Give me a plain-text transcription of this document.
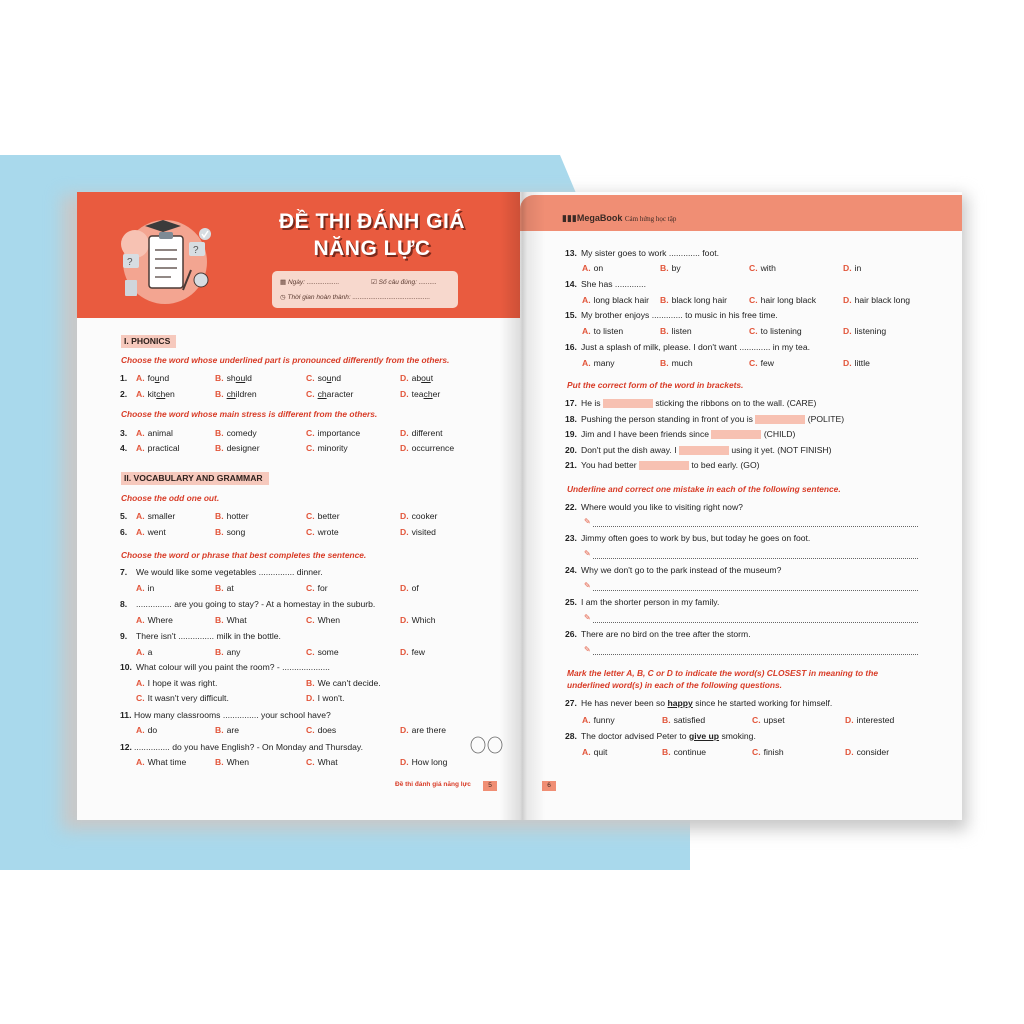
?
?
ĐỀ THI ĐÁNH GIÁ
NĂNG LỰC
▦ Ngày: ..................	☑ Số câu đúng: ..........
◷ Thời gian hoàn thành: ...........................................
I. PHONICS
Choose the word whose underlined part is pronounced differently from the others.
1. A. found	B. should	C. sound	D. about
2. A. kitchen	B. children	C. character	D. teacher
Choose the word whose main stress is different from the others.
3. A. animal	B. comedy	C. importance	D. different
4. A. practical	B. designer	C. minority	D. occurrence
II. VOCABULARY AND GRAMMAR
Choose the odd one out.
5. A. smaller	B. hotter	C. better	D. cooker
6. A. went	B. song	C. wrote	D. visited
Choose the word or phrase that best completes the sentence.
7. We would like some vegetables ............... dinner.
A. in	B. at	C. for	D. of
8. ............... are you going to stay? - At a homestay in the suburb.
A. Where	B. What	C. When	D. Which
9. There isn't ............... milk in the bottle.
A. a	B. any	C. some	D. few
10. What colour will you paint the room? - ....................
A. I hope it was right.	B. We can't decide.
C. It wasn't very difficult.	D. I won't.
11. How many classrooms ............... your school have?
A. do	B. are	C. does	D. are there
12. ............... do you have English? - On Monday and Thursday.
A. What time	B. When	C. What	D. How long
Đề thi đánh giá năng lực	5
▮▮▮MegaBook Cảm hứng học tập
13. My sister goes to work ............. foot.
A. on	B. by	C. with	D. in
14. She has .............
A. long black hair B. black long hair	C. hair long black	D. hair black long
15. My brother enjoys ............. to music in his free time.
A. to listen	B. listen	C. to listening	D. listening
16. Just a splash of milk, please. I don't want ............. in my tea.
A. many	B. much	C. few	D. little
Put the correct form of the word in brackets.
17. He is	sticking the ribbons on to the wall. (CARE)
18. Pushing the person standing in front of you is	(POLITE)
19. Jim and I have been friends since	(CHILD)
20. Don't put the dish away. I	using it yet. (NOT FINISH)
21. You had better	to bed early. (GO)
Underline and correct one mistake in each of the following sentence.
22. Where would you like to visiting right now?
✎
23. Jimmy often goes to work by bus, but today he goes on foot.
✎
24. Why we don't go to the park instead of the museum?
✎
25. I am the shorter person in my family.
✎
26. There are no bird on the tree after the storm.
✎
Mark the letter A, B, C or D to indicate the word(s) CLOSEST in meaning to the
underlined word(s) in each of the following questions.
27. He has never been so happy since he started working for himself.
A. funny	B. satisfied	C. upset	D. interested
28. The doctor advised Peter to give up smoking.
A. quit	B. continue	C. finish	D. consider
6
